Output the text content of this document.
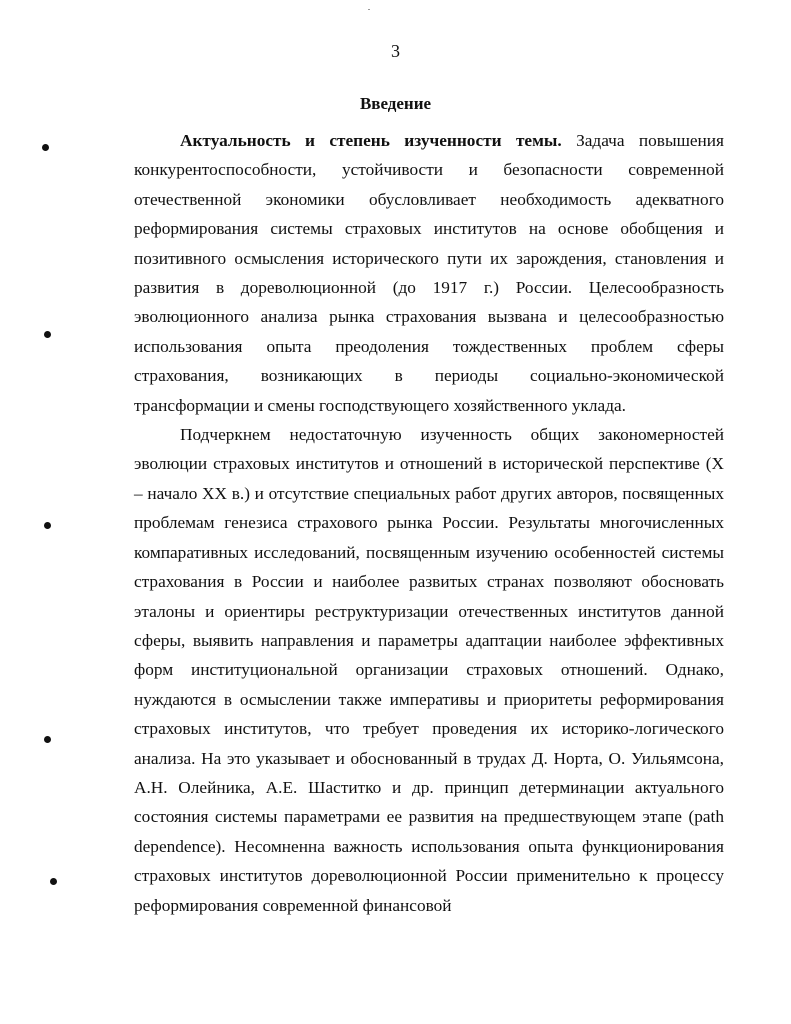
3
Введение

Актуальность и степень изученности темы. Задача повышения конкурентоспособности, устойчивости и безопасности современной отечественной экономики обусловливает необходимость адекватного реформирования системы страховых институтов на основе обобщения и позитивного осмысления исторического пути их зарождения, становления и развития в дореволюционной (до 1917 г.) России. Целесообразность эволюционного анализа рынка страхования вызвана и целесообразностью использования опыта преодоления тождественных проблем сферы страхования, возникающих в периоды социально-экономической трансформации и смены господствующего хозяйственного уклада.

Подчеркнем недостаточную изученность общих закономерностей эволюции страховых институтов и отношений в исторической перспективе (X – начало XX в.) и отсутствие специальных работ других авторов, посвященных проблемам генезиса страхового рынка России. Результаты многочисленных компаративных исследований, посвященным изучению особенностей системы страхования в России и наиболее развитых странах позволяют обосновать эталоны и ориентиры реструктуризации отечественных институтов данной сферы, выявить направления и параметры адаптации наиболее эффективных форм институциональной организации страховых отношений. Однако, нуждаются в осмыслении также императивы и приоритеты реформирования страховых институтов, что требует проведения их историко-логического анализа. На это указывает и обоснованный в трудах Д. Норта, О. Уильямсона, А.Н. Олейника, А.Е. Шаститко и др. принцип детерминации актуального состояния системы параметрами ее развития на предшествующем этапе (path dependence). Несомненна важность использования опыта функционирования страховых институтов дореволюционной России применительно к процессу реформирования современной финансовой
